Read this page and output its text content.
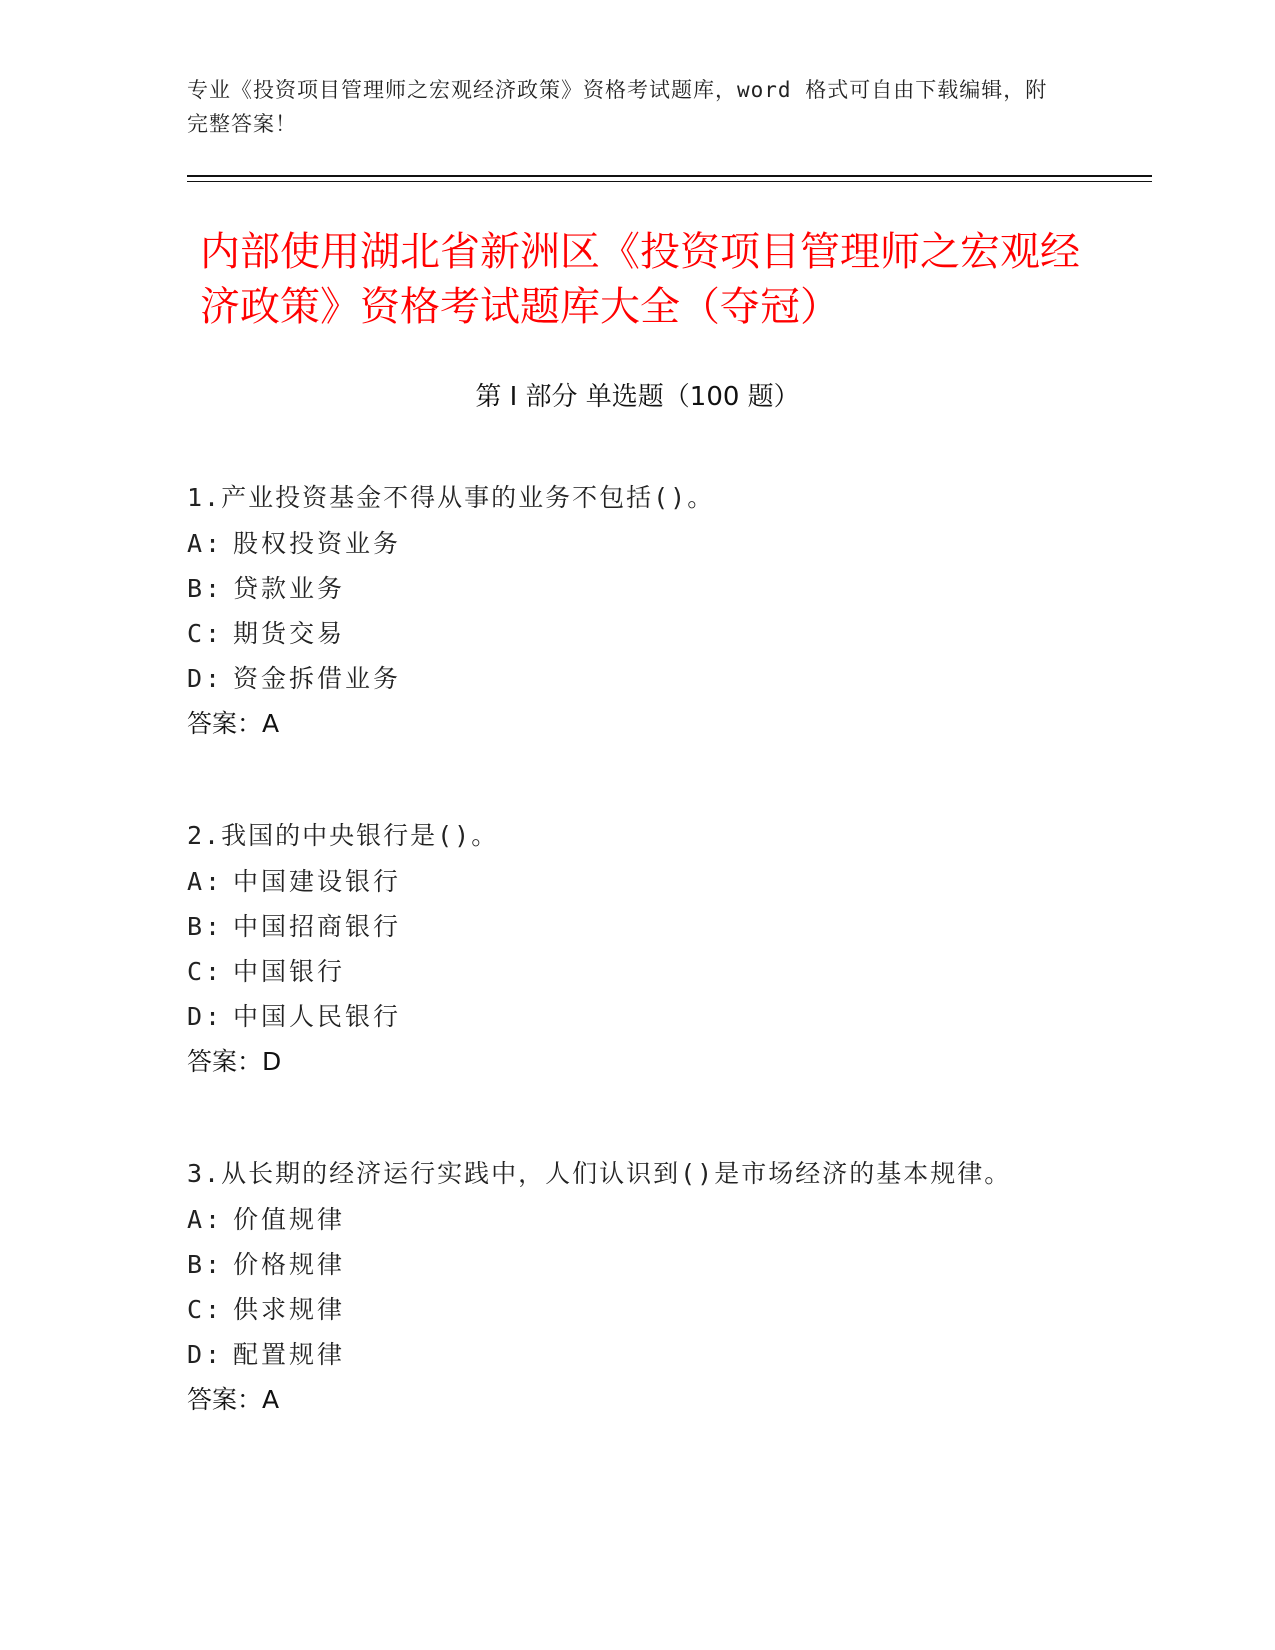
专业《投资项目管理师之宏观经济政策》资格考试题库，word 格式可自由下载编辑，附完整答案！
内部使用湖北省新洲区《投资项目管理师之宏观经济政策》资格考试题库大全（夺冠）
第 I 部分 单选题（100 题）
1.产业投资基金不得从事的业务不包括()。
A: 股权投资业务
B: 贷款业务
C: 期货交易
D: 资金拆借业务
答案：A
2.我国的中央银行是()。
A: 中国建设银行
B: 中国招商银行
C: 中国银行
D: 中国人民银行
答案：D
3.从长期的经济运行实践中，人们认识到()是市场经济的基本规律。
A: 价值规律
B: 价格规律
C: 供求规律
D: 配置规律
答案：A
